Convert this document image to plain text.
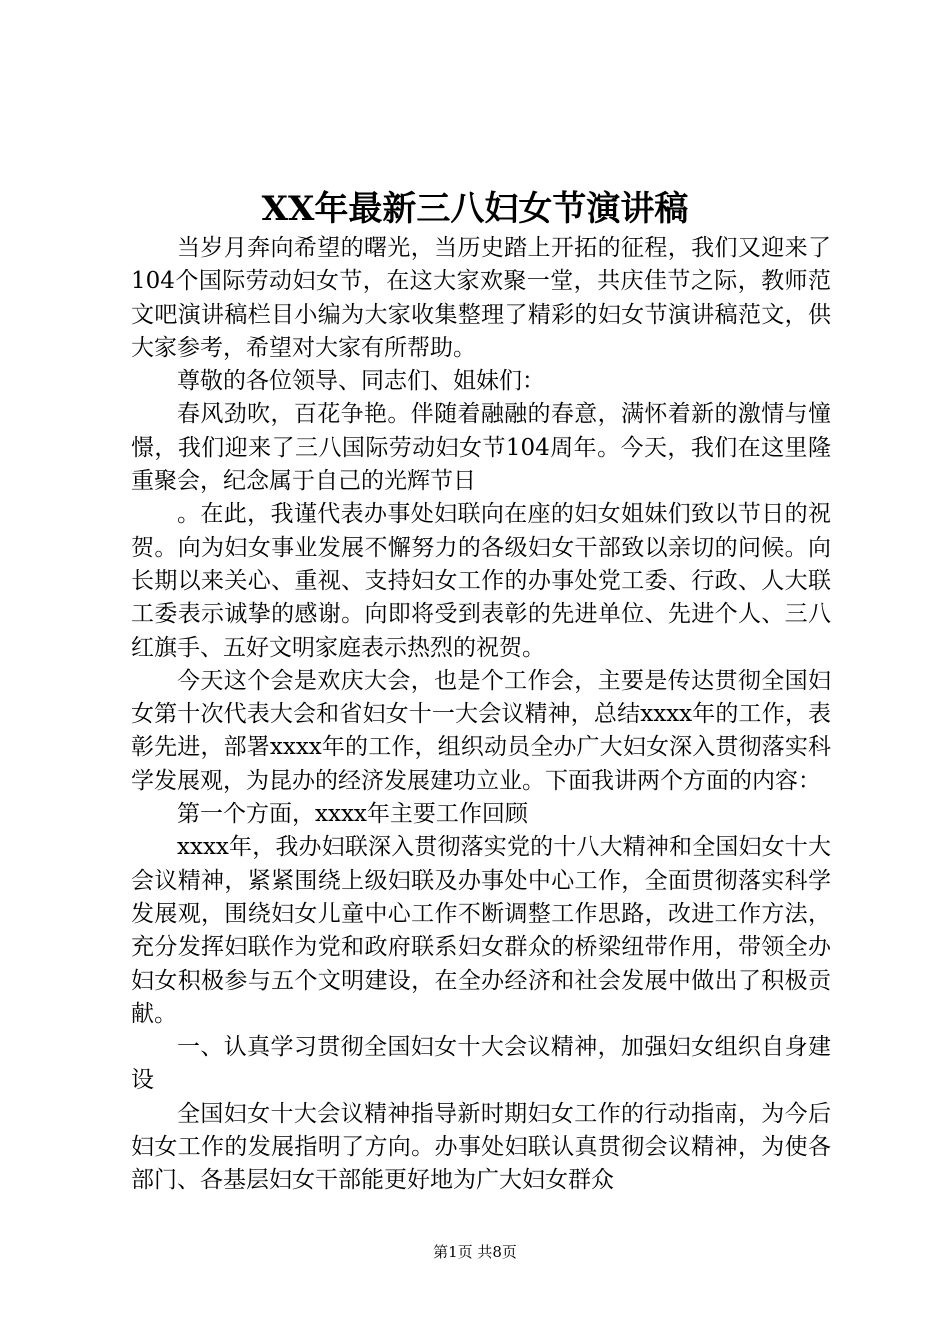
XX年最新三八妇女节演讲稿

当岁月奔向希望的曙光，当历史踏上开拓的征程，我们又迎来了104个国际劳动妇女节，在这大家欢聚一堂，共庆佳节之际，教师范文吧演讲稿栏目小编为大家收集整理了精彩的妇女节演讲稿范文，供大家参考，希望对大家有所帮助。

尊敬的各位领导、同志们、姐妹们：

春风劲吹，百花争艳。伴随着融融的春意，满怀着新的激情与憧憬，我们迎来了三八国际劳动妇女节104周年。今天，我们在这里隆重聚会，纪念属于自己的光辉节日

。在此，我谨代表办事处妇联向在座的妇女姐妹们致以节日的祝贺。向为妇女事业发展不懈努力的各级妇女干部致以亲切的问候。向长期以来关心、重视、支持妇女工作的办事处党工委、行政、人大联工委表示诚挚的感谢。向即将受到表彰的先进单位、先进个人、三八红旗手、五好文明家庭表示热烈的祝贺。

今天这个会是欢庆大会，也是个工作会，主要是传达贯彻全国妇女第十次代表大会和省妇女十一大会议精神，总结xxxx年的工作，表彰先进，部署xxxx年的工作，组织动员全办广大妇女深入贯彻落实科学发展观，为昆办的经济发展建功立业。下面我讲两个方面的内容：

第一个方面，xxxx年主要工作回顾

xxxx年，我办妇联深入贯彻落实党的十八大精神和全国妇女十大会议精神，紧紧围绕上级妇联及办事处中心工作，全面贯彻落实科学发展观，围绕妇女儿童中心工作不断调整工作思路，改进工作方法，充分发挥妇联作为党和政府联系妇女群众的桥梁纽带作用，带领全办妇女积极参与五个文明建设，在全办经济和社会发展中做出了积极贡献。

一、认真学习贯彻全国妇女十大会议精神，加强妇女组织自身建设

全国妇女十大会议精神指导新时期妇女工作的行动指南，为今后妇女工作的发展指明了方向。办事处妇联认真贯彻会议精神，为使各部门、各基层妇女干部能更好地为广大妇女群众

第1页 共8页
